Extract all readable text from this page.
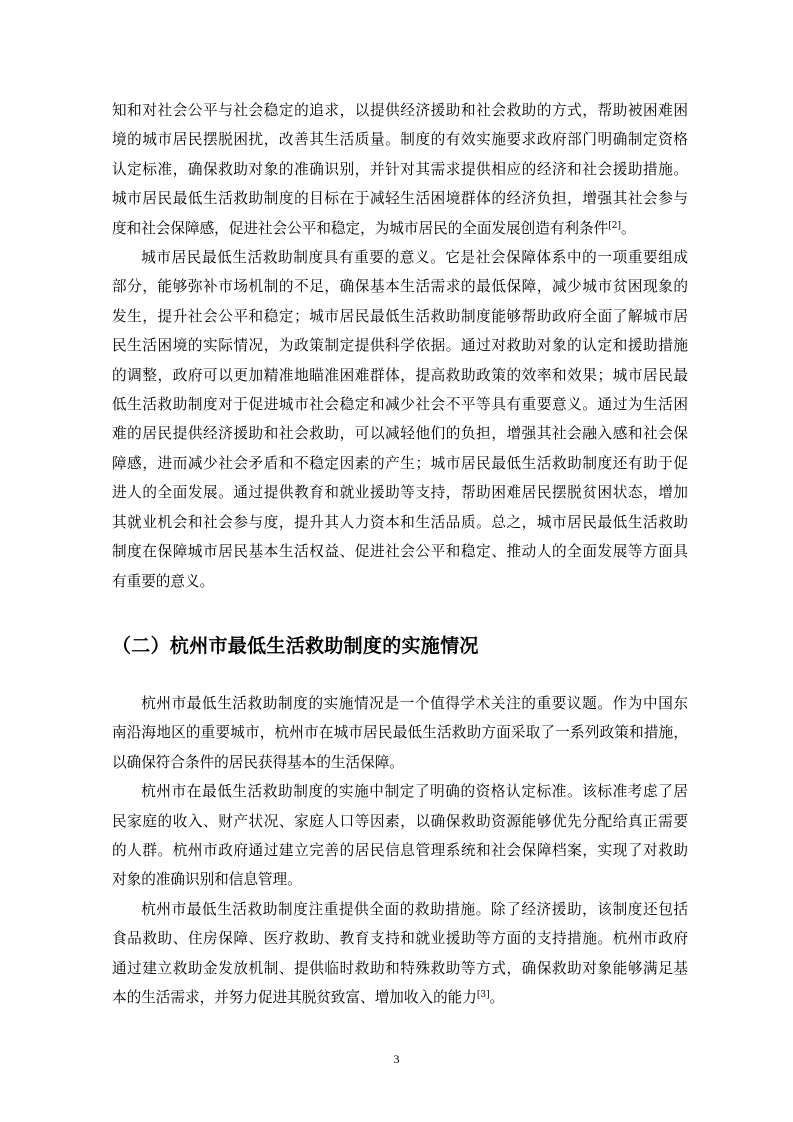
知和对社会公平与社会稳定的追求，以提供经济援助和社会救助的方式，帮助被困难困
境的城市居民摆脱困扰，改善其生活质量。制度的有效实施要求政府部门明确制定资格
认定标准，确保救助对象的准确识别，并针对其需求提供相应的经济和社会援助措施。
城市居民最低生活救助制度的目标在于减轻生活困境群体的经济负担，增强其社会参与
度和社会保障感，促进社会公平和稳定，为城市居民的全面发展创造有利条件[2]。

城市居民最低生活救助制度具有重要的意义。它是社会保障体系中的一项重要组成
部分，能够弥补市场机制的不足，确保基本生活需求的最低保障，减少城市贫困现象的
发生，提升社会公平和稳定；城市居民最低生活救助制度能够帮助政府全面了解城市居
民生活困境的实际情况，为政策制定提供科学依据。通过对救助对象的认定和援助措施
的调整，政府可以更加精准地瞄准困难群体，提高救助政策的效率和效果；城市居民最
低生活救助制度对于促进城市社会稳定和减少社会不平等具有重要意义。通过为生活困
难的居民提供经济援助和社会救助，可以减轻他们的负担，增强其社会融入感和社会保
障感，进而减少社会矛盾和不稳定因素的产生；城市居民最低生活救助制度还有助于促
进人的全面发展。通过提供教育和就业援助等支持，帮助困难居民摆脱贫困状态，增加
其就业机会和社会参与度，提升其人力资本和生活品质。总之，城市居民最低生活救助
制度在保障城市居民基本生活权益、促进社会公平和稳定、推动人的全面发展等方面具
有重要的意义。

（二）杭州市最低生活救助制度的实施情况

杭州市最低生活救助制度的实施情况是一个值得学术关注的重要议题。作为中国东
南沿海地区的重要城市，杭州市在城市居民最低生活救助方面采取了一系列政策和措施，
以确保符合条件的居民获得基本的生活保障。

杭州市在最低生活救助制度的实施中制定了明确的资格认定标准。该标准考虑了居
民家庭的收入、财产状况、家庭人口等因素，以确保救助资源能够优先分配给真正需要
的人群。杭州市政府通过建立完善的居民信息管理系统和社会保障档案，实现了对救助
对象的准确识别和信息管理。

杭州市最低生活救助制度注重提供全面的救助措施。除了经济援助，该制度还包括
食品救助、住房保障、医疗救助、教育支持和就业援助等方面的支持措施。杭州市政府
通过建立救助金发放机制、提供临时救助和特殊救助等方式，确保救助对象能够满足基
本的生活需求，并努力促进其脱贫致富、增加收入的能力[3]。

3
